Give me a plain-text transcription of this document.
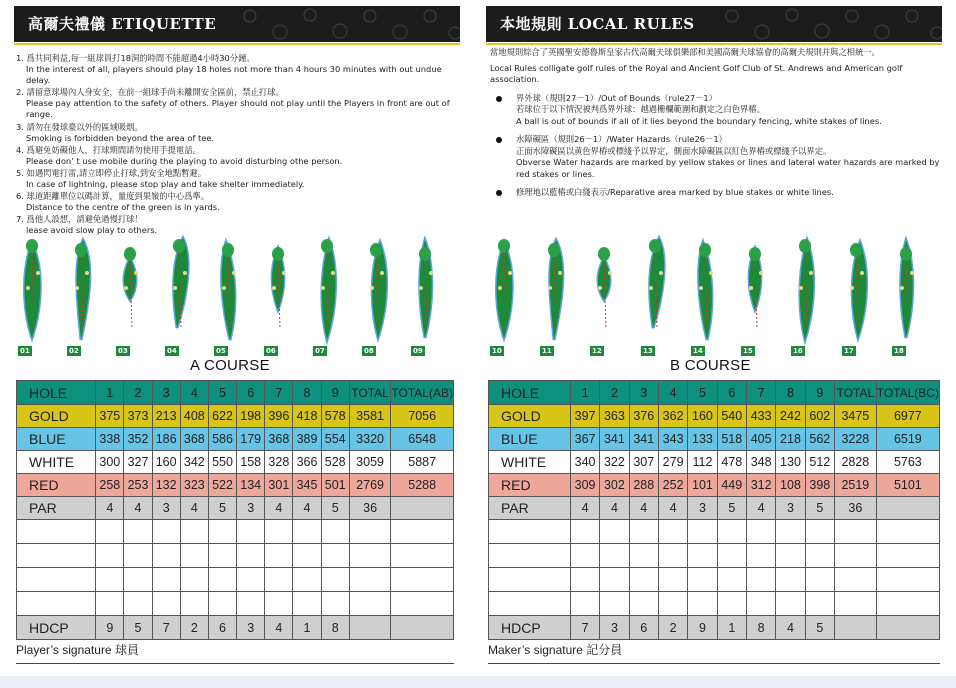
高爾夫禮儀 ETIQUETTE
1. 爲共同利益,每一組球員打18洞的時間不能超過4小時30分鐘。
In the interest of all, players should play 18 holes not more than 4 hours 30 minutes with out undue delay.
2. 請留意球場內人身安全，在前一組球手尚未離開安全區前，禁止打球。
Please pay attention to the safety of others. Player should not play until the Players in front are out of range.
3. 請勿在發球臺以外的區域吸烟。
Smoking is forbidden beyond the area of tee.
4. 爲避免妨礙他人，打球期間請勿使用手提電話。
Please don’ t use mobile during the playing to avoid disturbing othe person.
5. 如遇閃電打雷,請立即停止打球,到安全地點暫避。
In case of lightning, please stop play and take shelter immediately.
6. 球道距離單位以碼計算，量度到果嶺的中心爲準。
Distance to the centre of the green is in yards.
7. 爲他人設想，請避免過慢打球！
lease avoid slow play to others.
01	02	03	04	05	06	07	08	09
A COURSE
HOLE	1	2	3	4	5	6	7	8	9	TOTAL	TOTAL(AB)
GOLD	375	373	213	408	622	198	396	418	578	3581	7056
BLUE	338	352	186	368	586	179	368	389	554	3320	6548
WHITE	300	327	160	342	550	158	328	366	528	3059	5887
RED	258	253	132	323	522	134	301	345	501	2769	5288
PAR	4	4	3	4	5	3	4	4	5	36	

HDCP	9	5	7	2	6	3	4	1	8		
Player’s signature 球員
本地規則 LOCAL RULES
當地規則綜合了英國聖安德魯斯皇家古代高爾夫球俱樂部和美國高爾夫球協會的高爾夫規則并與之相統一。
Local Rules colligate golf rules of the Royal and Ancient Golf Club of St. Andrews and American golf association.
界外球（規則27－1）/Out of Bounds（rule27－1）
若球位于以下情況被判爲界外球：越過栅欄範圍和劃定之白色界樁。
A ball is out of bounds if all of it lies beyond the boundary fencing, white stakes of lines.
水障礙區（規則26－1）/Water Hazards（rule26－1）
正面水障礙區以黄色界樁或標綫予以界定，側面水障礙區以紅色界樁或標綫予以界定。
Obverse Water hazards are marked by yellow stakes or lines and lateral water hazards are marked by red stakes or lines.
修理地以藍樁或白綫表示/Reparative area marked by blue stakes or white lines.
10	11	12	13	14	15	16	17	18
B COURSE
HOLE	1	2	3	4	5	6	7	8	9	TOTAL	TOTAL(BC)
GOLD	397	363	376	362	160	540	433	242	602	3475	6977
BLUE	367	341	341	343	133	518	405	218	562	3228	6519
WHITE	340	322	307	279	112	478	348	130	512	2828	5763
RED	309	302	288	252	101	449	312	108	398	2519	5101
PAR	4	4	4	4	3	5	4	3	5	36	

HDCP	7	3	6	2	9	1	8	4	5		
Maker’s signature 記分員
